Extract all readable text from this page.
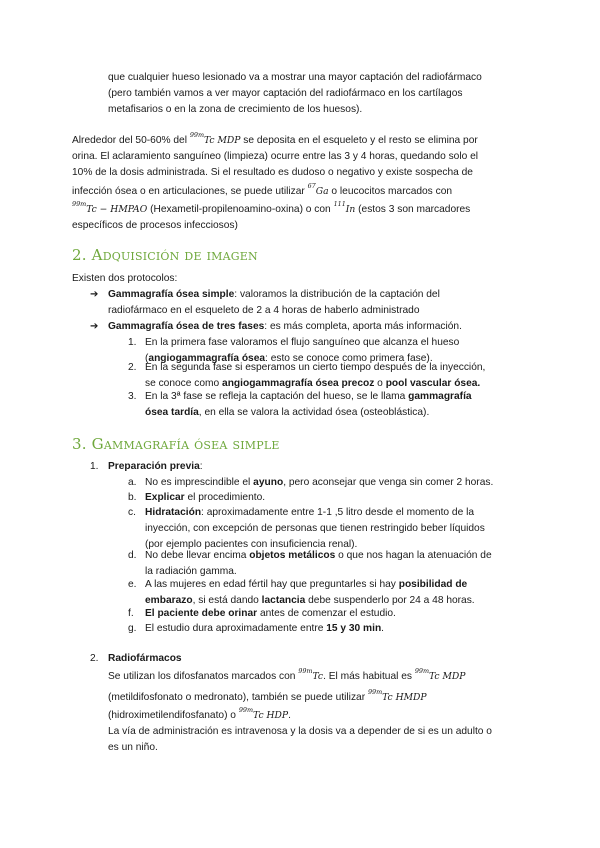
que cualquier hueso lesionado va a mostrar una mayor captación del radiofármaco

(pero también vamos a ver mayor captación del radiofármaco en los cartílagos

metafisarios o en la zona de crecimiento de los huesos).

Alrededor del 50-60% del $^{99m}$Tc MDP se deposita en el esqueleto y el resto se elimina por

orina. El aclaramiento sanguíneo (limpieza) ocurre entre las 3 y 4 horas, quedando solo el

10% de la dosis administrada. Si el resultado es dudoso o negativo y existe sospecha de

infección ósea o en articulaciones, se puede utilizar $^{67}$Ga o leucocitos marcados con

$^{99m}$Tc − HMPAO (Hexametil-propilenoamino-oxina) o con $^{111}$In (estos 3 son marcadores

específicos de procesos infecciosos)

2. Adquisición de imagen
Existen dos protocolos:
➔ Gammagrafía ósea simple: valoramos la distribución de la captación del
radiofármaco en el esqueleto de 2 a 4 horas de haberlo administrado
➔ Gammagrafía ósea de tres fases: es más completa, aporta más información.
1. En la primera fase valoramos el flujo sanguíneo que alcanza el hueso
(angiogammagrafía ósea: esto se conoce como primera fase).
2. En la segunda fase si esperamos un cierto tiempo después de la inyección,
se conoce como angiogammagrafía ósea precoz o pool vascular ósea.
3. En la 3ª fase se refleja la captación del hueso, se le llama gammagrafía
ósea tardía, en ella se valora la actividad ósea (osteoblástica).
3. Gammagrafía ósea simple
1. Preparación previa:
a. No es imprescindible el ayuno, pero aconsejar que venga sin comer 2 horas.
b. Explicar el procedimiento.
c. Hidratación: aproximadamente entre 1-1 ,5 litro desde el momento de la
inyección, con excepción de personas que tienen restringido beber líquidos
(por ejemplo pacientes con insuficiencia renal).
d. No debe llevar encima objetos metálicos o que nos hagan la atenuación de
la radiación gamma.
e. A las mujeres en edad fértil hay que preguntarles si hay posibilidad de
embarazo, si está dando lactancia debe suspenderlo por 24 a 48 horas.
f. El paciente debe orinar antes de comenzar el estudio.
g. El estudio dura aproximadamente entre 15 y 30 min.
2. Radiofármacos
Se utilizan los difosfanatos marcados con $^{99m}$Tc. El más habitual es $^{99m}$Tc MDP
(metildifosfonato o medronato), también se puede utilizar $^{99m}$Tc HMDP
(hidroximetilendifosfanato) o $^{99m}$Tc HDP.
La vía de administración es intravenosa y la dosis va a depender de si es un adulto o
es un niño.
